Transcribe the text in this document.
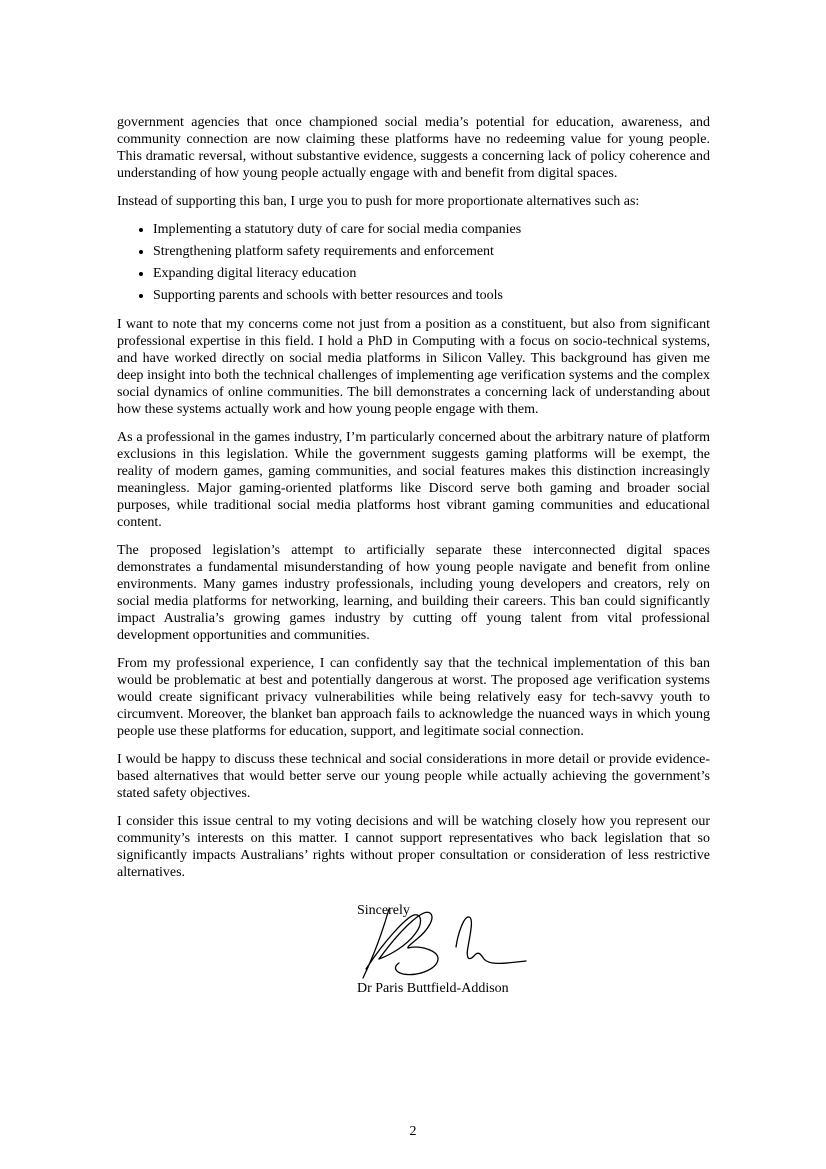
government agencies that once championed social media’s potential for education, awareness, and community connection are now claiming these platforms have no redeeming value for young people. This dramatic reversal, without substantive evidence, suggests a concerning lack of policy coherence and understanding of how young people actually engage with and benefit from digital spaces.

Instead of supporting this ban, I urge you to push for more proportionate alternatives such as:

• Implementing a statutory duty of care for social media companies
• Strengthening platform safety requirements and enforcement
• Expanding digital literacy education
• Supporting parents and schools with better resources and tools

I want to note that my concerns come not just from a position as a constituent, but also from significant professional expertise in this field. I hold a PhD in Computing with a focus on socio-technical systems, and have worked directly on social media platforms in Silicon Valley. This background has given me deep insight into both the technical challenges of implementing age verification systems and the complex social dynamics of online communities. The bill demonstrates a concerning lack of understanding about how these systems actually work and how young people engage with them.

As a professional in the games industry, I’m particularly concerned about the arbitrary nature of platform exclusions in this legislation. While the government suggests gaming platforms will be exempt, the reality of modern games, gaming communities, and social features makes this distinction increasingly meaningless. Major gaming-oriented platforms like Discord serve both gaming and broader social purposes, while traditional social media platforms host vibrant gaming communities and educational content.

The proposed legislation’s attempt to artificially separate these interconnected digital spaces demonstrates a fundamental misunderstanding of how young people navigate and benefit from online environments. Many games industry professionals, including young developers and creators, rely on social media platforms for networking, learning, and building their careers. This ban could significantly impact Australia’s growing games industry by cutting off young talent from vital professional development opportunities and communities.

From my professional experience, I can confidently say that the technical implementation of this ban would be problematic at best and potentially dangerous at worst. The proposed age verification systems would create significant privacy vulnerabilities while being relatively easy for tech-savvy youth to circumvent. Moreover, the blanket ban approach fails to acknowledge the nuanced ways in which young people use these platforms for education, support, and legitimate social connection.

I would be happy to discuss these technical and social considerations in more detail or provide evidence-based alternatives that would better serve our young people while actually achieving the government’s stated safety objectives.

I consider this issue central to my voting decisions and will be watching closely how you represent our community’s interests on this matter. I cannot support representatives who back legislation that so significantly impacts Australians’ rights without proper consultation or consideration of less restrictive alternatives.

Sincerely

Dr Paris Buttfield-Addison
2
